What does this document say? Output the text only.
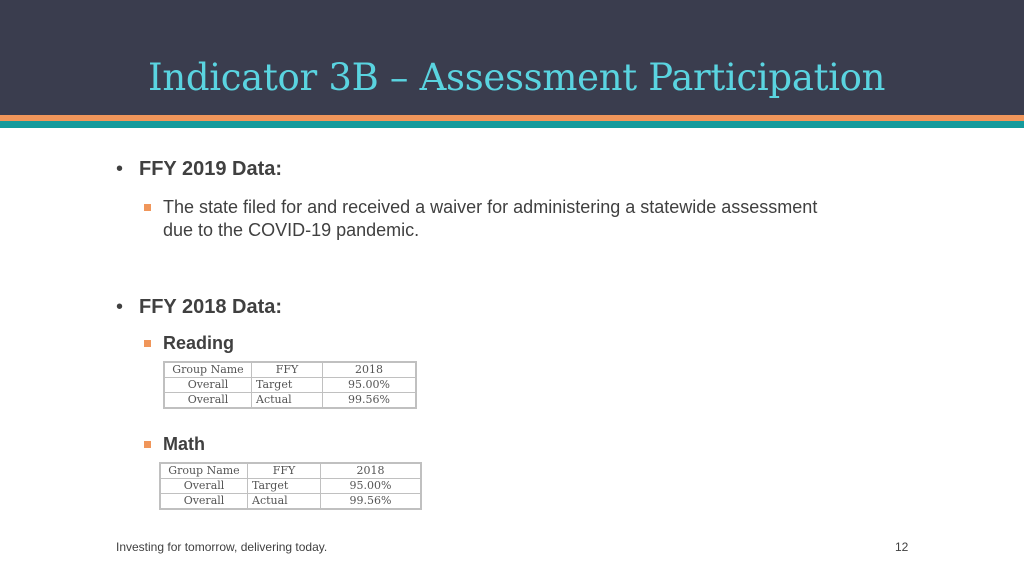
Indicator 3B – Assessment Participation
• FFY 2019 Data:
The state filed for and received a waiver for administering a statewide assessment
due to the COVID-19 pandemic.
• FFY 2018 Data:
Reading
Group Name	FFY	2018
Overall	Target	95.00%
Overall	Actual	99.56%
Math
Group Name	FFY	2018
Overall	Target	95.00%
Overall	Actual	99.56%
Investing for tomorrow, delivering today.	12
